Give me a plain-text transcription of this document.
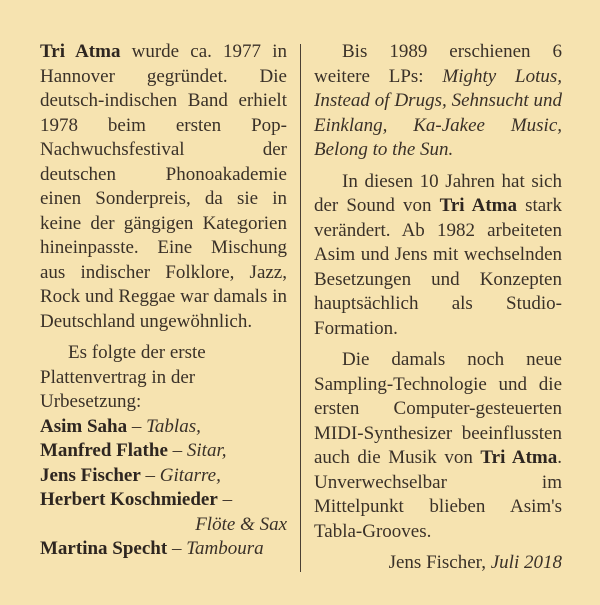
Tri Atma wurde ca. 1977 in Hannover gegründet. Die deutsch-indischen Band erhielt 1978 beim ersten Pop-Nachwuchsfestival der deutschen Phonoakademie einen Sonderpreis, da sie in keine der gängigen Kategorien hineinpasste. Eine Mischung aus indischer Folklore, Jazz, Rock und Reggae war damals in Deutschland ungewöhnlich.

Es folgte der erste Plattenvertrag in der Urbesetzung:

Asim Saha – Tablas,
Manfred Flathe – Sitar,
Jens Fischer – Gitarre,
Herbert Koschmieder –
Flöte & Sax
Martina Specht – Tamboura

Bis 1989 erschienen 6 weitere LPs: Mighty Lotus, Instead of Drugs, Sehnsucht und Einklang, Ka-Jakee Music, Belong to the Sun.

In diesen 10 Jahren hat sich der Sound von Tri Atma stark verändert. Ab 1982 arbeiteten Asim und Jens mit wechselnden Besetzungen und Konzepten hauptsächlich als Studio-Formation.

Die damals noch neue Sampling-Technologie und die ersten Computer-gesteuerten MIDI-Synthesizer beeinflussten auch die Musik von Tri Atma. Unverwechselbar im Mittelpunkt blieben Asim's Tabla-Grooves.

Jens Fischer, Juli 2018
